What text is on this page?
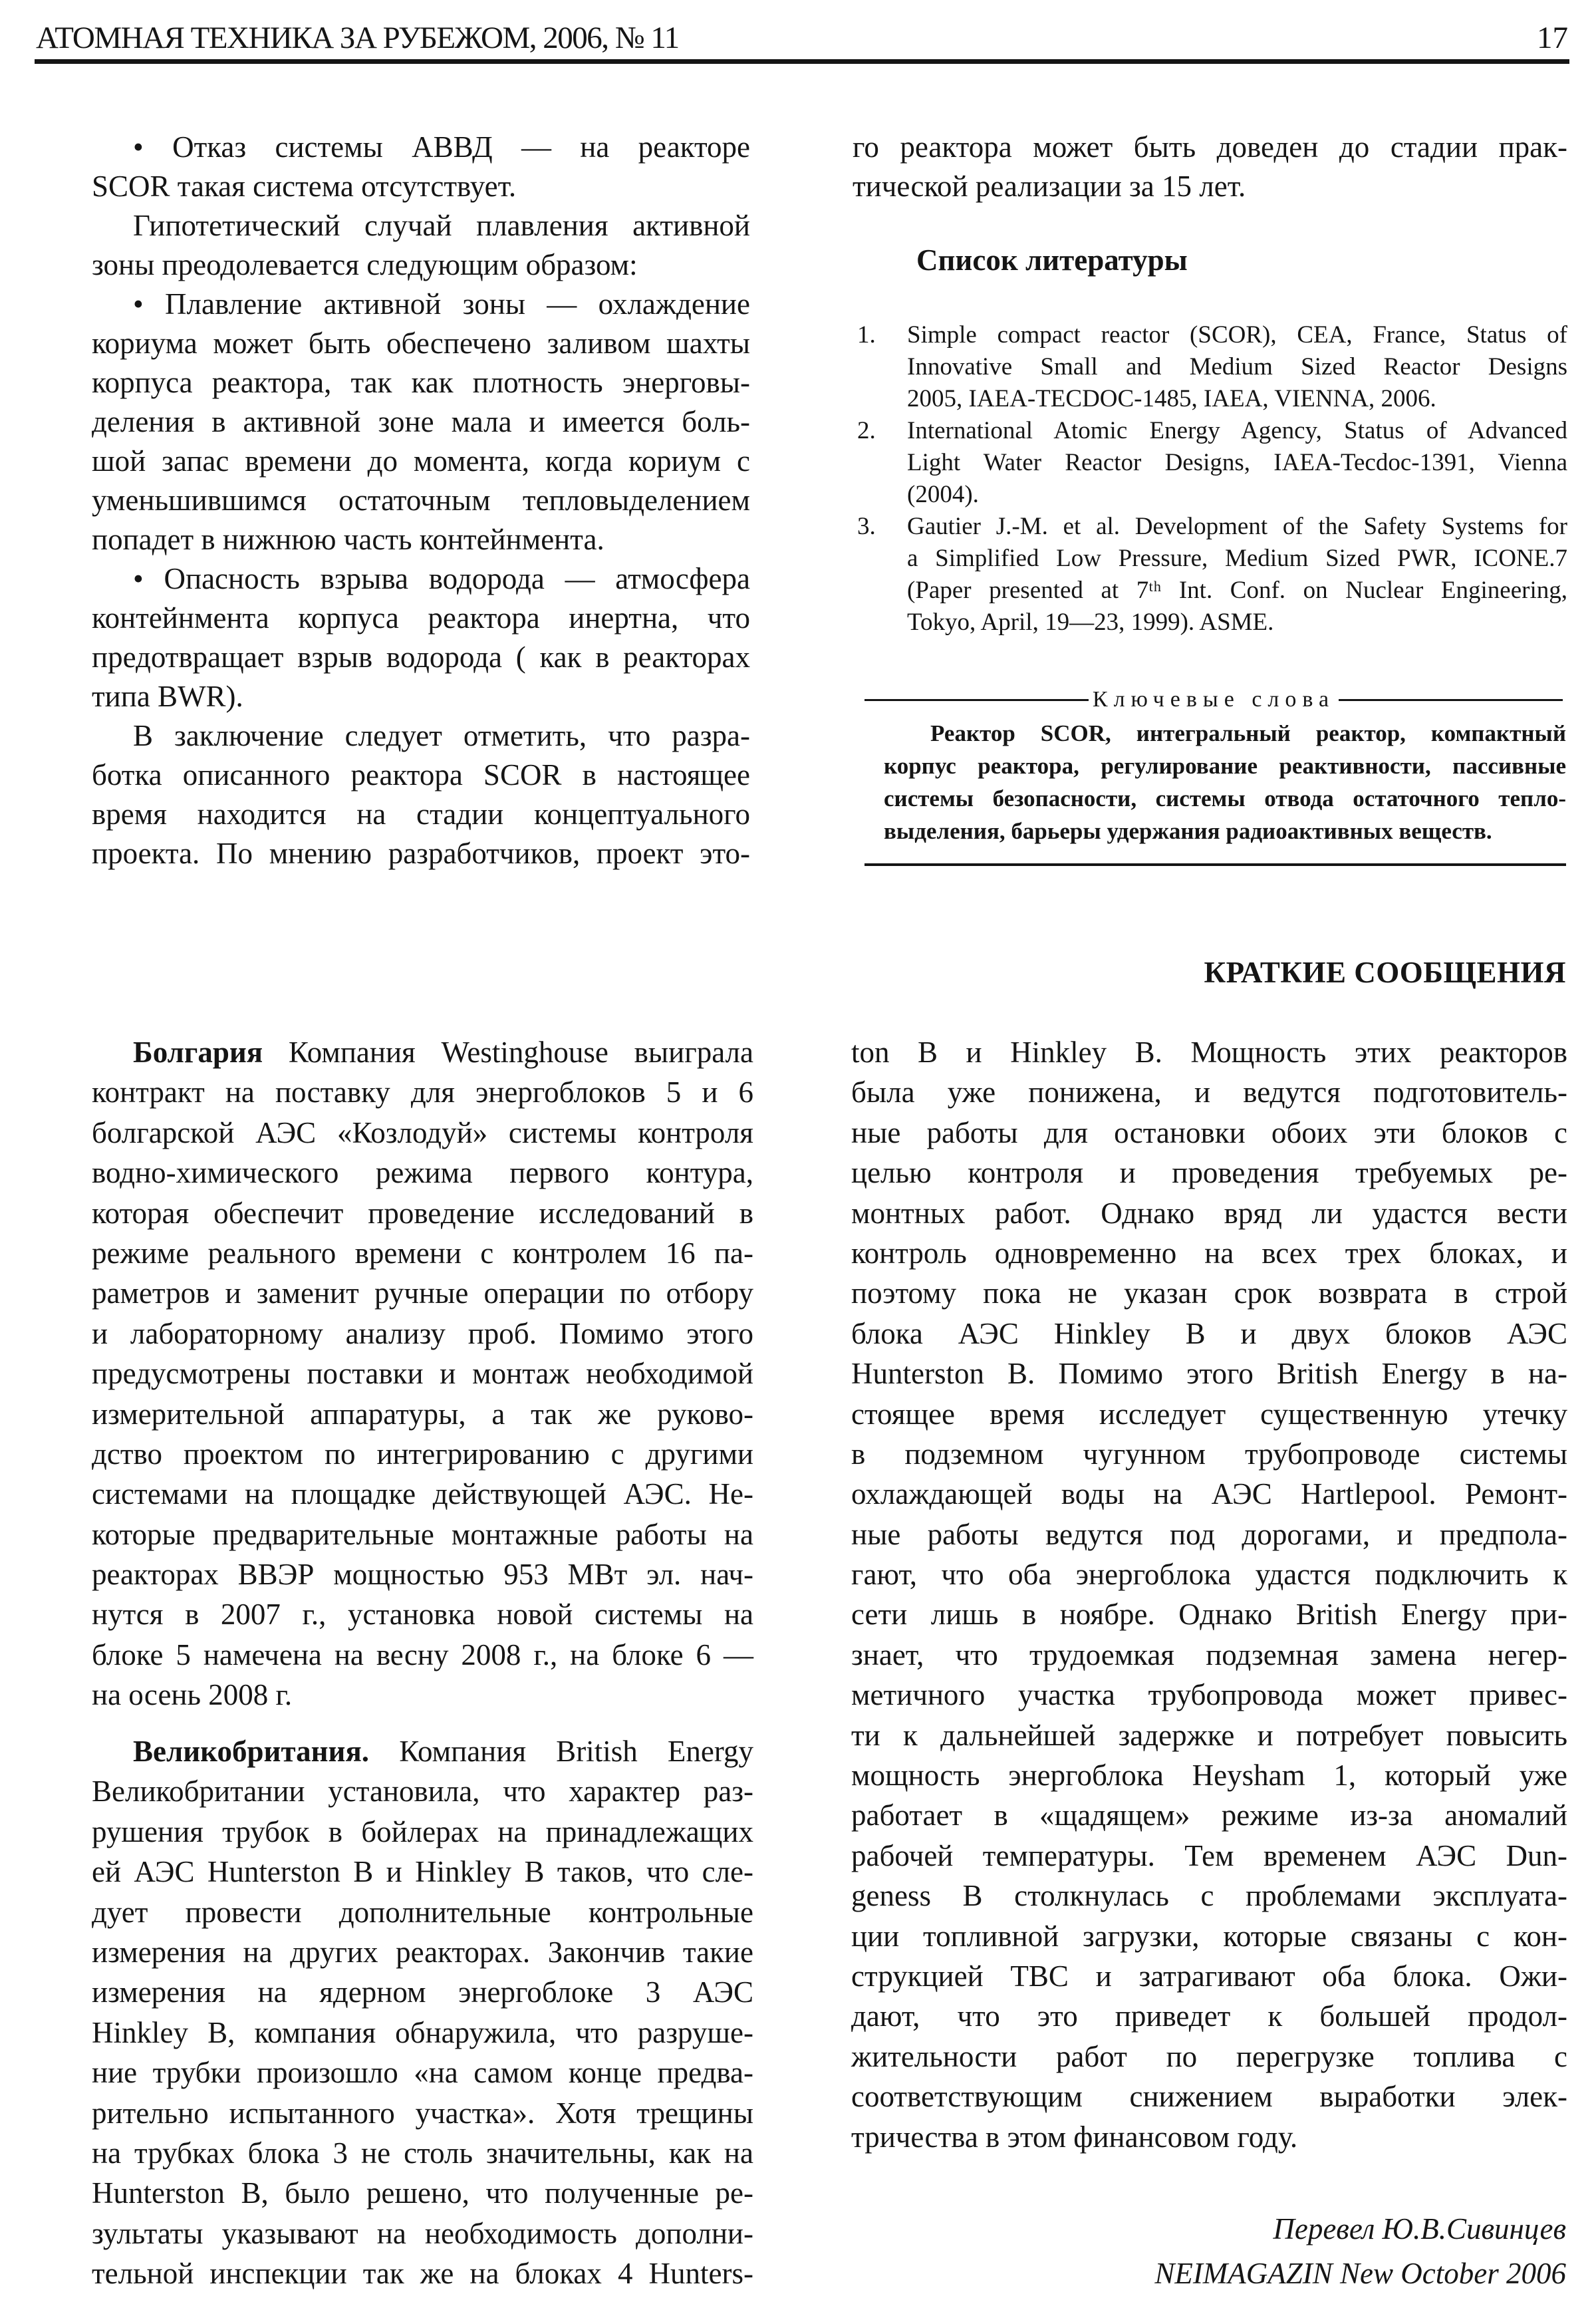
АТОМНАЯ ТЕХНИКА ЗА РУБЕЖОМ, 2006, № 11	17
• Отказ системы АВВД — на реакторе
SCOR такая система отсутствует.
Гипотетический случай плавления активной
зоны преодолевается следующим образом:
• Плавление активной зоны — охлаждение
кориума может быть обеспечено заливом шахты
корпуса реактора, так как плотность энерговы-
деления в активной зоне мала и имеется боль-
шой запас времени до момента, когда кориум с
уменьшившимся остаточным тепловыделением
попадет в нижнюю часть контейнмента.
• Опасность взрыва водорода — атмосфера
контейнмента корпуса реактора инертна, что
предотвращает взрыв водорода ( как в реакторах
типа BWR).
В заключение следует отметить, что разра-
ботка описанного реактора SCOR в настоящее
время находится на стадии концептуального
проекта. По мнению разработчиков, проект это-
го реактора может быть доведен до стадии прак-
тической реализации за 15 лет.
Список литературы
1.	Simple compact reactor (SCOR), CEA, France, Status of
Innovative Small and Medium Sized Reactor Designs
2005, IAEA-TECDOC-1485, IAEA, VIENNA, 2006.
2.	International Atomic Energy Agency, Status of Advanced
Light Water Reactor Designs, IAEA-Tecdoc-1391, Vienna
(2004).
3.	Gautier J.-M. et al. Development of the Safety Systems for
a Simplified Low Pressure, Medium Sized PWR, ICONE.7
(Paper presented at 7ᵗʰ Int. Conf. on Nuclear Engineering,
Tokyo, April, 19—23, 1999). ASME.
Ключевые слова
Реактор SCOR, интегральный реактор, компактный
корпус реактора, регулирование реактивности, пассивные
системы безопасности, системы отвода остаточного тепло-
выделения, барьеры удержания радиоактивных веществ.
КРАТКИЕ СООБЩЕНИЯ
Болгария Компания Westinghouse выиграла
контракт на поставку для энергоблоков 5 и 6
болгарской АЭС «Козлодуй» системы контроля
водно-химического режима первого контура,
которая обеспечит проведение исследований в
режиме реального времени с контролем 16 па-
раметров и заменит ручные операции по отбору
и лабораторному анализу проб. Помимо этого
предусмотрены поставки и монтаж необходимой
измерительной аппаратуры, а так же руково-
дство проектом по интегрированию с другими
системами на площадке действующей АЭС. Не-
которые предварительные монтажные работы на
реакторах ВВЭР мощностью 953 МВт эл. нач-
нутся в 2007 г., установка новой системы на
блоке 5 намечена на весну 2008 г., на блоке 6 —
на осень 2008 г.
Великобритания. Компания British Energy
Великобритании установила, что характер раз-
рушения трубок в бойлерах на принадлежащих
ей АЭС Hunterston B и Hinkley B таков, что сле-
дует провести дополнительные контрольные
измерения на других реакторах. Закончив такие
измерения на ядерном энергоблоке 3 АЭС
Hinkley B, компания обнаружила, что разруше-
ние трубки произошло «на самом конце предва-
рительно испытанного участка». Хотя трещины
на трубках блока 3 не столь значительны, как на
Hunterston B, было решено, что полученные ре-
зультаты указывают на необходимость дополни-
тельной инспекции так же на блоках 4 Hunters-
ton B и Hinkley B. Мощность этих реакторов
была уже понижена, и ведутся подготовитель-
ные работы для остановки обоих эти блоков с
целью контроля и проведения требуемых ре-
монтных работ. Однако вряд ли удастся вести
контроль одновременно на всех трех блоках, и
поэтому пока не указан срок возврата в строй
блока АЭС Hinkley B и двух блоков АЭС
Hunterston B. Помимо этого British Energy в на-
стоящее время исследует существенную утечку
в подземном чугунном трубопроводе системы
охлаждающей воды на АЭС Hartlepool. Ремонт-
ные работы ведутся под дорогами, и предпола-
гают, что оба энергоблока удастся подключить к
сети лишь в ноябре. Однако British Energy при-
знает, что трудоемкая подземная замена негер-
метичного участка трубопровода может привес-
ти к дальнейшей задержке и потребует повысить
мощность энергоблока Heysham 1, который уже
работает в «щадящем» режиме из-за аномалий
рабочей температуры. Тем временем АЭС Dun-
geness B столкнулась с проблемами эксплуата-
ции топливной загрузки, которые связаны с кон-
струкцией ТВС и затрагивают оба блока. Ожи-
дают, что это приведет к большей продол-
жительности работ по перегрузке топлива с
соответствующим снижением выработки элек-
тричества в этом финансовом году.
Перевел Ю.В.Сивинцев
NEIMAGAZIN New October 2006
